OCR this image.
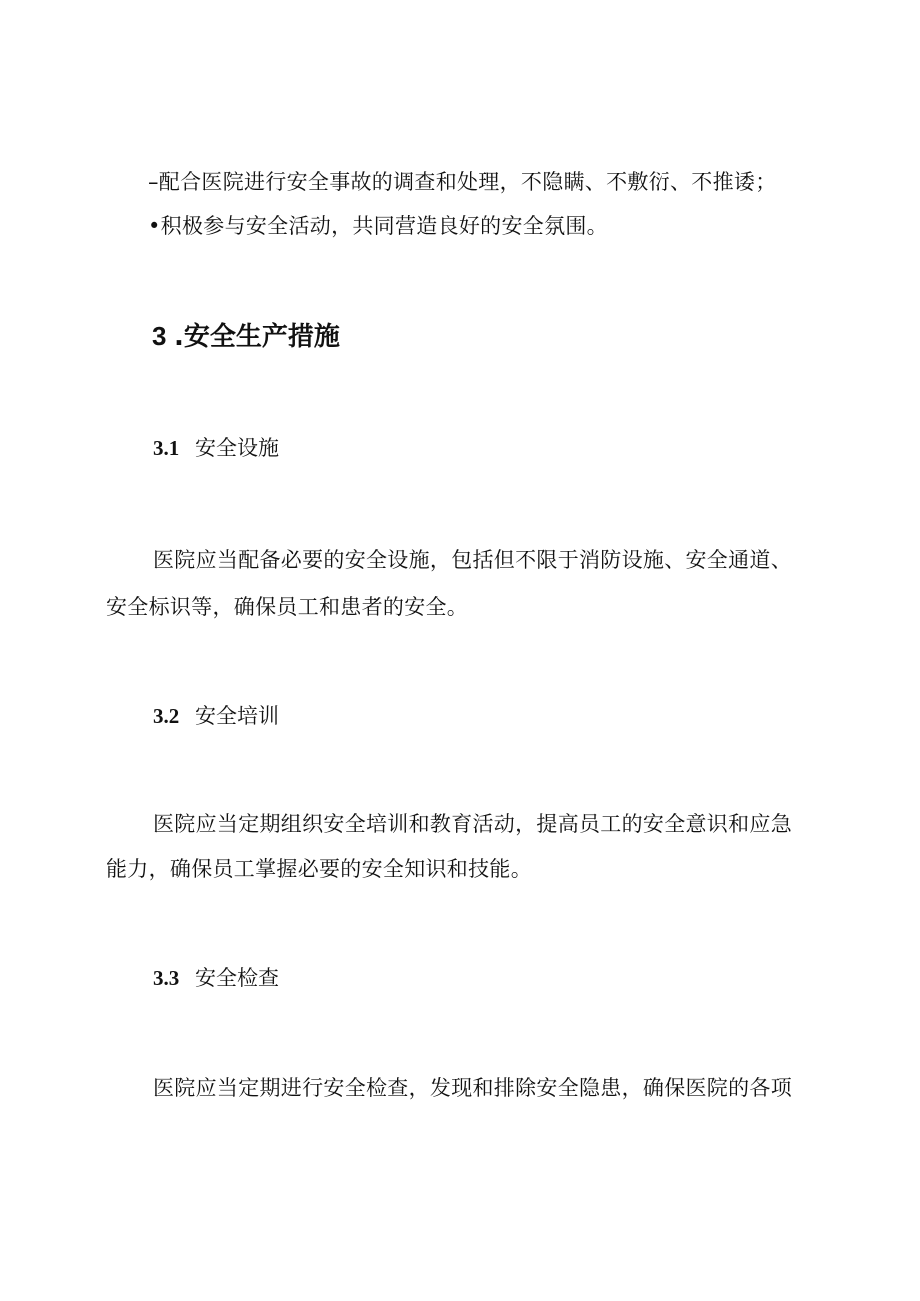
–配合医院进行安全事故的调查和处理，不隐瞒、不敷衍、不推诿；
•积极参与安全活动，共同营造良好的安全氛围。
3 .安全生产措施
3.1 安全设施
医院应当配备必要的安全设施，包括但不限于消防设施、安全通道、
安全标识等，确保员工和患者的安全。
3.2 安全培训
医院应当定期组织安全培训和教育活动，提高员工的安全意识和应急
能力，确保员工掌握必要的安全知识和技能。
3.3 安全检查
医院应当定期进行安全检查，发现和排除安全隐患，确保医院的各项
